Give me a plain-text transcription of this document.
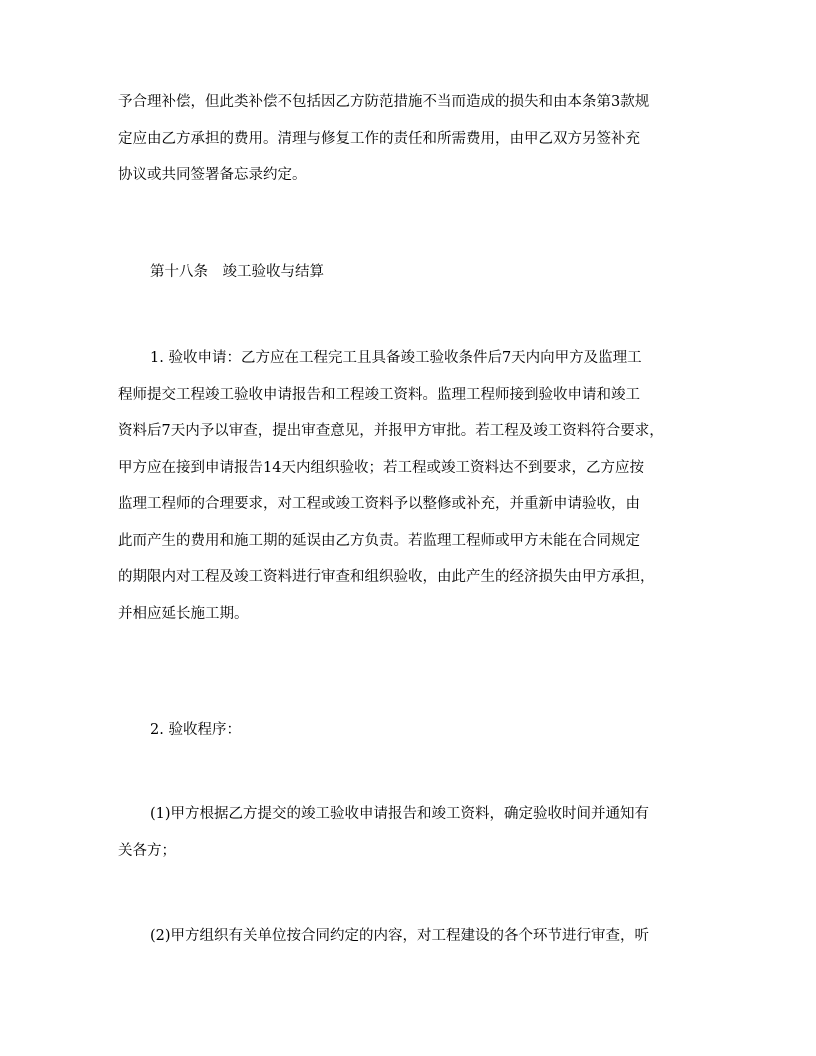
予合理补偿，但此类补偿不包括因乙方防范措施不当而造成的损失和由本条第3款规
定应由乙方承担的费用。清理与修复工作的责任和所需费用，由甲乙双方另签补充
协议或共同签署备忘录约定。
第十八条　竣工验收与结算
1. 验收申请：乙方应在工程完工且具备竣工验收条件后7天内向甲方及监理工
程师提交工程竣工验收申请报告和工程竣工资料。监理工程师接到验收申请和竣工
资料后7天内予以审查，提出审查意见，并报甲方审批。若工程及竣工资料符合要求，
甲方应在接到申请报告14天内组织验收；若工程或竣工资料达不到要求，乙方应按
监理工程师的合理要求，对工程或竣工资料予以整修或补充，并重新申请验收，由
此而产生的费用和施工期的延误由乙方负责。若监理工程师或甲方未能在合同规定
的期限内对工程及竣工资料进行审查和组织验收，由此产生的经济损失由甲方承担，
并相应延长施工期。
2. 验收程序：
(1)甲方根据乙方提交的竣工验收申请报告和竣工资料，确定验收时间并通知有
关各方；
(2)甲方组织有关单位按合同约定的内容，对工程建设的各个环节进行审查，听
